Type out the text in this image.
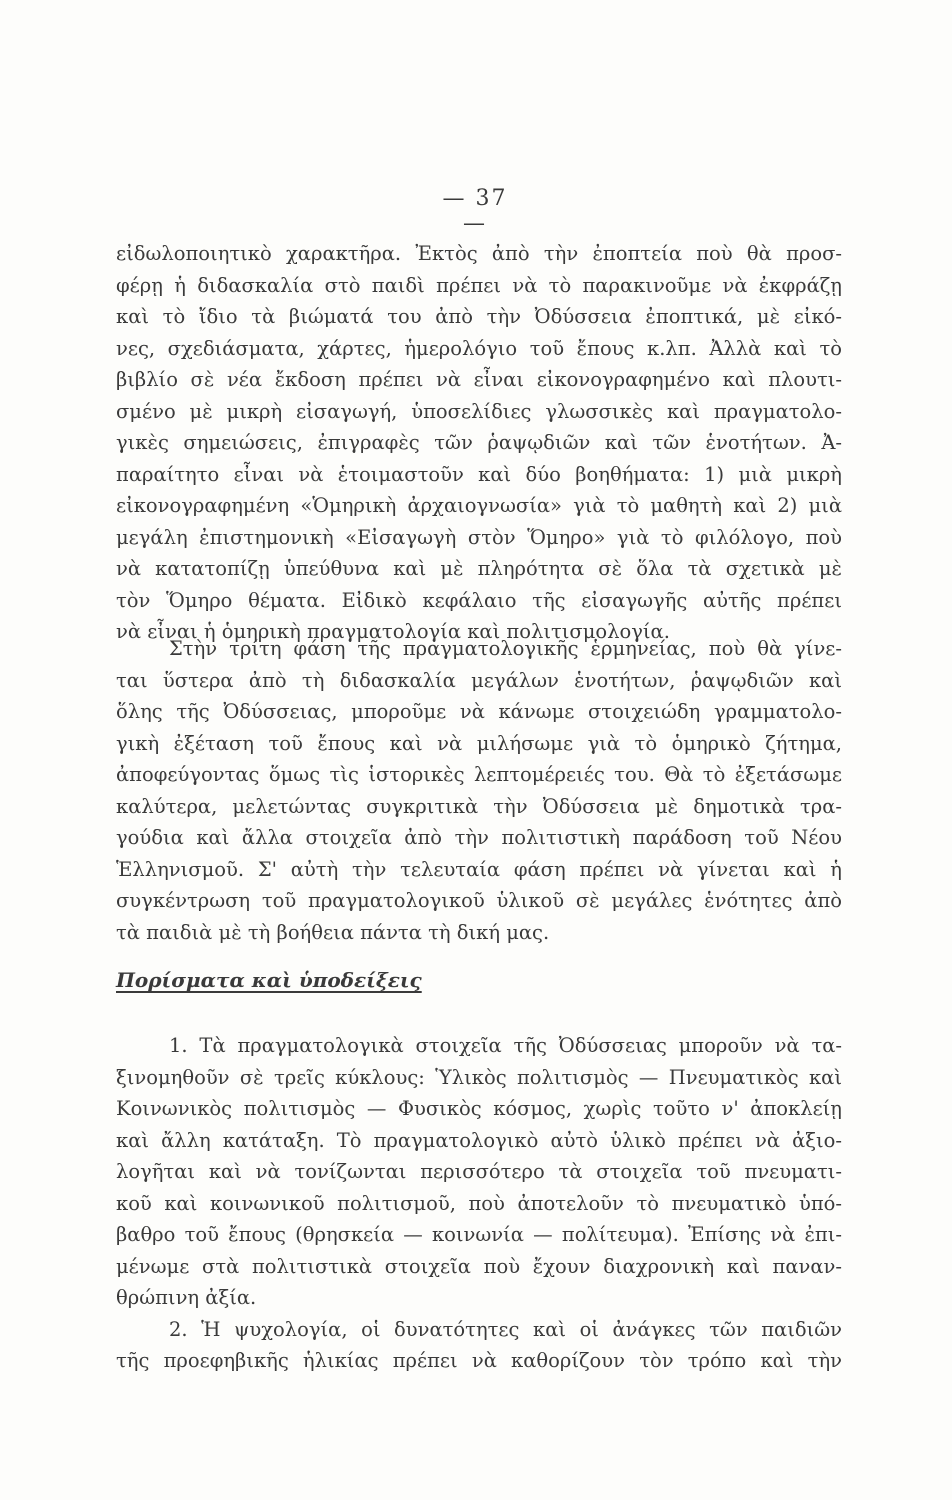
— 37 —
εἰδωλοποιητικὸ χαρακτῆρα. Ἐκτὸς ἀπὸ τὴν ἐποπτεία ποὺ θὰ προσ-
φέρῃ ἡ διδασκαλία στὸ παιδὶ πρέπει νὰ τὸ παρακινοῦμε νὰ ἐκφράζῃ
καὶ τὸ ἴδιο τὰ βιώματά του ἀπὸ τὴν Ὀδύσσεια ἐποπτικά, μὲ εἰκό-
νες, σχεδιάσματα, χάρτες, ἡμερολόγιο τοῦ ἔπους κ.λπ. Ἀλλὰ καὶ τὸ
βιβλίο σὲ νέα ἔκδοση πρέπει νὰ εἶναι εἰκονογραφημένο καὶ πλουτι-
σμένο μὲ μικρὴ εἰσαγωγή, ὑποσελίδιες γλωσσικὲς καὶ πραγματολο-
γικὲς σημειώσεις, ἐπιγραφὲς τῶν ῥαψῳδιῶν καὶ τῶν ἑνοτήτων. Ἀ-
παραίτητο εἶναι νὰ ἑτοιμαστοῦν καὶ δύο βοηθήματα: 1) μιὰ μικρὴ
εἰκονογραφημένη «Ὁμηρικὴ ἀρχαιογνωσία» γιὰ τὸ μαθητὴ καὶ 2) μιὰ
μεγάλη ἐπιστημονικὴ «Εἰσαγωγὴ στὸν Ὅμηρο» γιὰ τὸ φιλόλογο, ποὺ
νὰ κατατοπίζῃ ὑπεύθυνα καὶ μὲ πληρότητα σὲ ὅλα τὰ σχετικὰ μὲ
τὸν Ὅμηρο θέματα. Εἰδικὸ κεφάλαιο τῆς εἰσαγωγῆς αὐτῆς πρέπει
νὰ εἶναι ἡ ὁμηρικὴ πραγματολογία καὶ πολιτισμολογία.
Στὴν τρίτη φάση τῆς πραγματολογικῆς ἑρμηνείας, ποὺ θὰ γίνε-
ται ὕστερα ἀπὸ τὴ διδασκαλία μεγάλων ἑνοτήτων, ῥαψῳδιῶν καὶ
ὅλης τῆς Ὀδύσσειας, μποροῦμε νὰ κάνωμε στοιχειώδη γραμματολο-
γικὴ ἐξέταση τοῦ ἔπους καὶ νὰ μιλήσωμε γιὰ τὸ ὁμηρικὸ ζήτημα,
ἀποφεύγοντας ὅμως τὶς ἱστορικὲς λεπτομέρειές του. Θὰ τὸ ἐξετάσωμε
καλύτερα, μελετώντας συγκριτικὰ τὴν Ὀδύσσεια μὲ δημοτικὰ τρα-
γούδια καὶ ἄλλα στοιχεῖα ἀπὸ τὴν πολιτιστικὴ παράδοση τοῦ Νέου
Ἑλληνισμοῦ. Σ' αὐτὴ τὴν τελευταία φάση πρέπει νὰ γίνεται καὶ ἡ
συγκέντρωση τοῦ πραγματολογικοῦ ὑλικοῦ σὲ μεγάλες ἑνότητες ἀπὸ
τὰ παιδιὰ μὲ τὴ βοήθεια πάντα τὴ δική μας.
Πορίσματα καὶ ὑποδείξεις
1. Τὰ πραγματολογικὰ στοιχεῖα τῆς Ὀδύσσειας μποροῦν νὰ τα-
ξινομηθοῦν σὲ τρεῖς κύκλους: Ὑλικὸς πολιτισμὸς — Πνευματικὸς καὶ
Κοινωνικὸς πολιτισμὸς — Φυσικὸς κόσμος, χωρὶς τοῦτο ν' ἀποκλείῃ
καὶ ἄλλη κατάταξη. Τὸ πραγματολογικὸ αὐτὸ ὑλικὸ πρέπει νὰ ἀξιο-
λογῆται καὶ νὰ τονίζωνται περισσότερο τὰ στοιχεῖα τοῦ πνευματι-
κοῦ καὶ κοινωνικοῦ πολιτισμοῦ, ποὺ ἀποτελοῦν τὸ πνευματικὸ ὑπό-
βαθρο τοῦ ἔπους (θρησκεία — κοινωνία — πολίτευμα). Ἐπίσης νὰ ἐπι-
μένωμε στὰ πολιτιστικὰ στοιχεῖα ποὺ ἔχουν διαχρονικὴ καὶ παναν-
θρώπινη ἀξία.
2. Ἡ ψυχολογία, οἱ δυνατότητες καὶ οἱ ἀνάγκες τῶν παιδιῶν
τῆς προεφηβικῆς ἡλικίας πρέπει νὰ καθορίζουν τὸν τρόπο καὶ τὴν
